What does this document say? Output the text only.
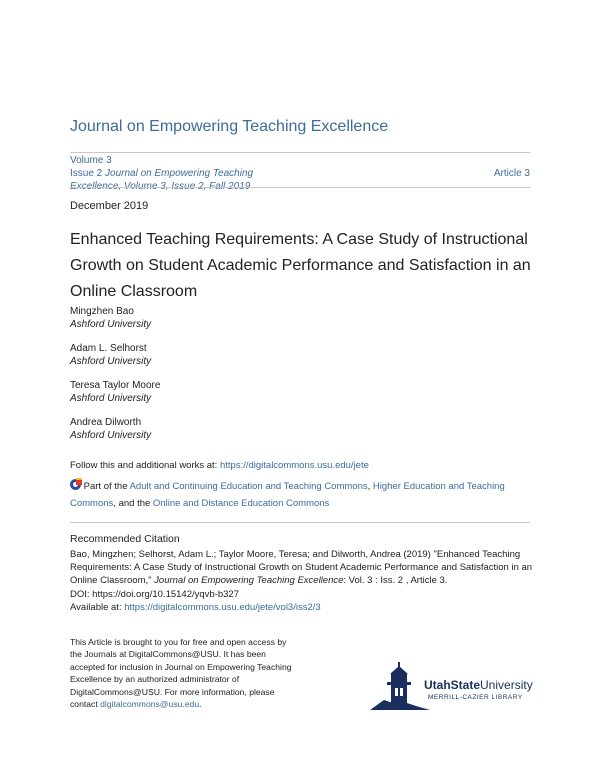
Journal on Empowering Teaching Excellence
Volume 3
Issue 2 Journal on Empowering Teaching	Article 3
December 2019
Enhanced Teaching Requirements: A Case Study of Instructional Growth on Student Academic Performance and Satisfaction in an Online Classroom
Mingzhen Bao
Ashford University
Adam L. Selhorst
Ashford University
Teresa Taylor Moore
Ashford University
Andrea Dilworth
Ashford University
Follow this and additional works at: https://digitalcommons.usu.edu/jete
Part of the Adult and Continuing Education and Teaching Commons, Higher Education and Teaching Commons, and the Online and Distance Education Commons
Recommended Citation
Bao, Mingzhen; Selhorst, Adam L.; Taylor Moore, Teresa; and Dilworth, Andrea (2019) "Enhanced Teaching Requirements: A Case Study of Instructional Growth on Student Academic Performance and Satisfaction in an Online Classroom," Journal on Empowering Teaching Excellence: Vol. 3 : Iss. 2 , Article 3.
DOI: https://doi.org/10.15142/yqvb-b327
Available at: https://digitalcommons.usu.edu/jete/vol3/iss2/3
This Article is brought to you for free and open access by the Journals at DigitalCommons@USU. It has been accepted for inclusion in Journal on Empowering Teaching Excellence by an authorized administrator of DigitalCommons@USU. For more information, please contact digitalcommons@usu.edu.
UtahStateUniversity
MERRILL-CAZIER LIBRARY
